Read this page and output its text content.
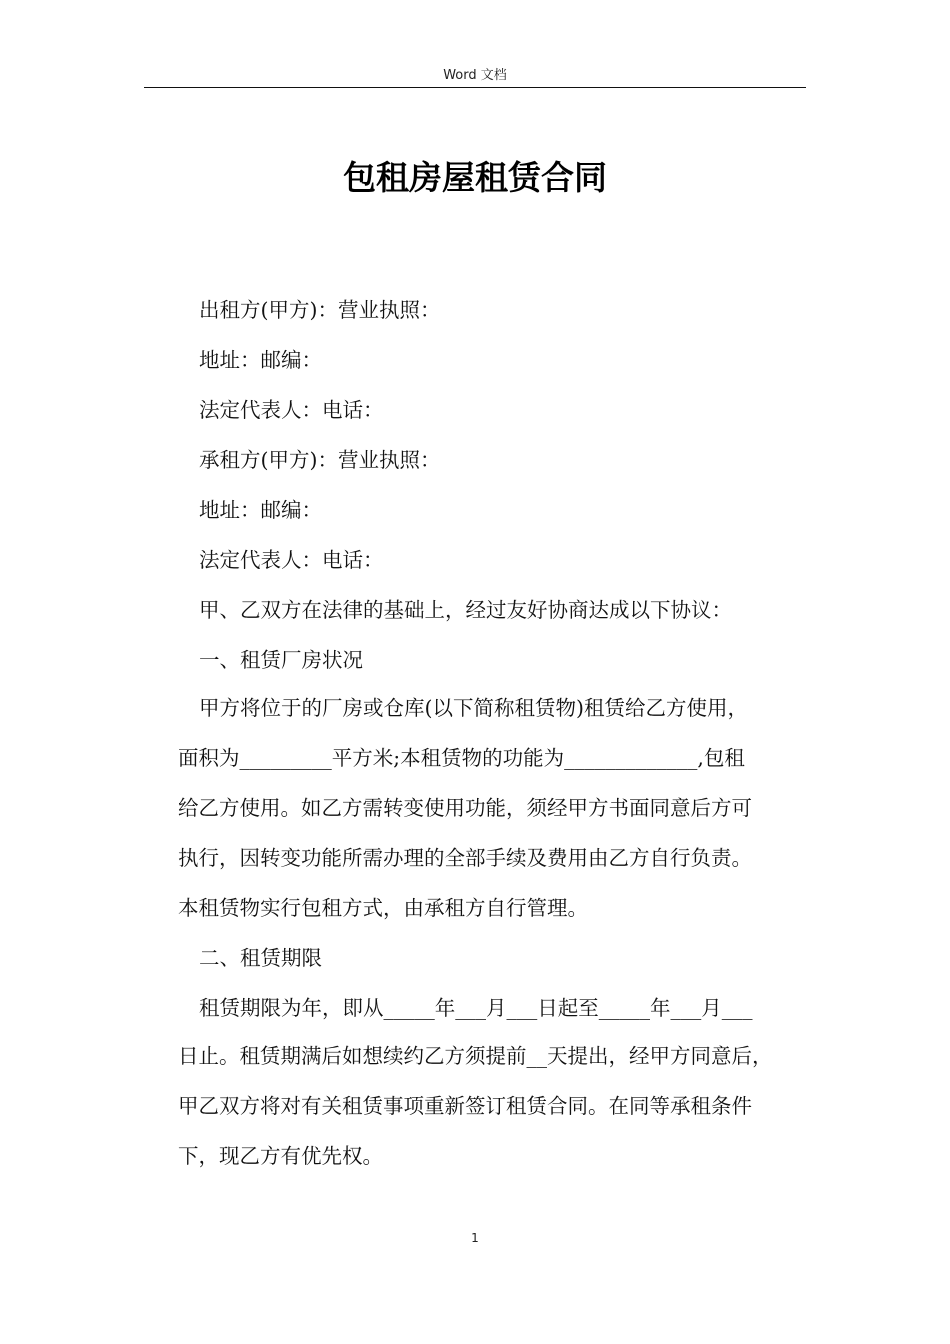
Word 文档
包租房屋租赁合同
出租方(甲方)：营业执照：
地址：邮编：
法定代表人：电话：
承租方(甲方)：营业执照：
地址：邮编：
法定代表人：电话：
甲、乙双方在法律的基础上，经过友好协商达成以下协议：
一、租赁厂房状况
甲方将位于的厂房或仓库(以下简称租赁物)租赁给乙方使用，
面积为_________平方米;本租赁物的功能为_____________,包租
给乙方使用。如乙方需转变使用功能，须经甲方书面同意后方可
执行，因转变功能所需办理的全部手续及费用由乙方自行负责。
本租赁物实行包租方式，由承租方自行管理。
二、租赁期限
租赁期限为年，即从_____年___月___日起至_____年___月___
日止。租赁期满后如想续约乙方须提前__天提出，经甲方同意后，
甲乙双方将对有关租赁事项重新签订租赁合同。在同等承租条件
下，现乙方有优先权。
1
